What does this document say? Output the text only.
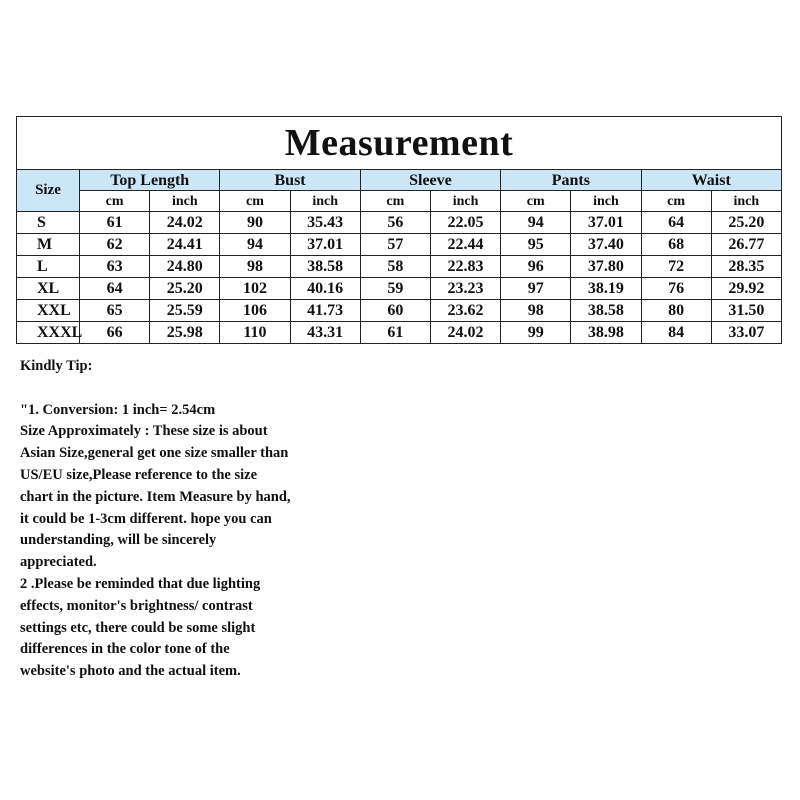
Measurement
Size	Top Length		Bust		Sleeve		Pants		Waist	
	cm	inch	cm	inch	cm	inch	cm	inch	cm	inch
S	61	24.02	90	35.43	56	22.05	94	37.01	64	25.20
M	62	24.41	94	37.01	57	22.44	95	37.40	68	26.77
L	63	24.80	98	38.58	58	22.83	96	37.80	72	28.35
XL	64	25.20	102	40.16	59	23.23	97	38.19	76	29.92
XXL	65	25.59	106	41.73	60	23.62	98	38.58	80	31.50
XXXL	66	25.98	110	43.31	61	24.02	99	38.98	84	33.07

Kindly Tip:

"1. Conversion: 1 inch= 2.54cm

Size Approximately : These size is about

Asian Size,general get one size smaller than

US/EU size,Please reference to the size

chart in the picture. Item Measure by hand,

it could be 1-3cm different. hope you can

understanding, will be sincerely

appreciated.

2 .Please be reminded that due lighting

effects, monitor's brightness/ contrast

settings etc, there could be some slight

differences in the color tone of the

website's photo and the actual item.
